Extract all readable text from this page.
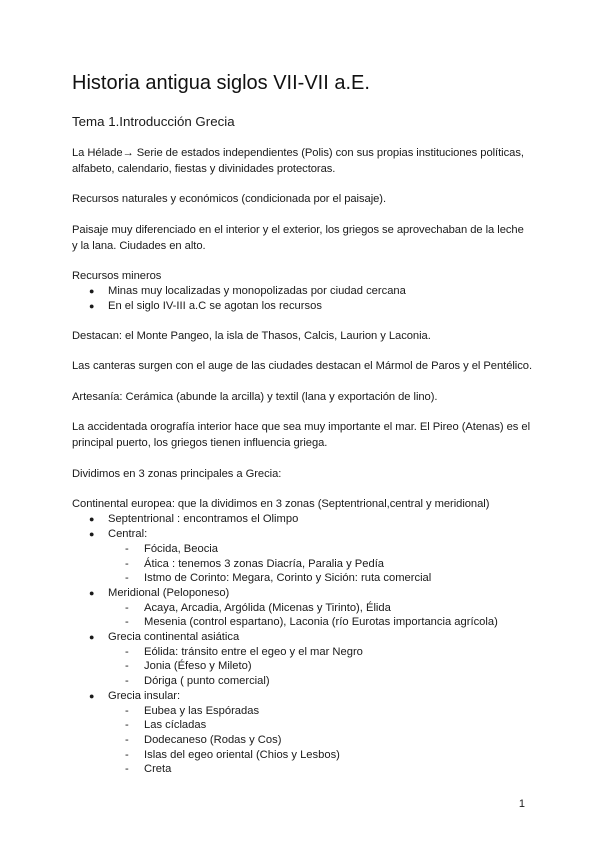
Historia antigua siglos VII-VII a.E.
Tema 1.Introducción Grecia

La Hélade→ Serie de estados independientes (Polis) con sus propias instituciones políticas, alfabeto, calendario, fiestas y divinidades protectoras.

Recursos naturales y económicos (condicionada por el paisaje).

Paisaje muy diferenciado en el interior y el exterior, los griegos se aprovechaban de la leche y la lana. Ciudades en alto.

Recursos mineros

● Minas muy localizadas y monopolizadas por ciudad cercana
● En el siglo IV-III a.C se agotan los recursos

Destacan: el Monte Pangeo, la isla de Thasos, Calcis, Laurion y Laconia.

Las canteras surgen con el auge de las ciudades destacan el Mármol de Paros y el Pentélico.

Artesanía: Cerámica (abunde la arcilla) y textil (lana y exportación de lino).

La accidentada orografía interior hace que sea muy importante el mar. El Pireo (Atenas) es el principal puerto, los griegos tienen influencia griega.

Dividimos en 3 zonas principales a Grecia:

Continental europea: que la dividimos en 3 zonas (Septentrional,central y meridional)

● Septentrional : encontramos el Olimpo
● Central:
- Fócida, Beocia
- Ática : tenemos 3 zonas Diacría, Paralia y Pedía
- Istmo de Corinto: Megara, Corinto y Sición: ruta comercial
● Meridional (Peloponeso)
- Acaya, Arcadia, Argólida (Micenas y Tirinto), Élida
- Mesenia (control espartano), Laconia (río Eurotas importancia agrícola)
● Grecia continental asiática
- Eólida: tránsito entre el egeo y el mar Negro
- Jonia (Éfeso y Mileto)
- Dóriga ( punto comercial)
● Grecia insular:
- Eubea y las Espóradas
- Las cícladas
- Dodecaneso (Rodas y Cos)
- Islas del egeo oriental (Chios y Lesbos)
- Creta
1
